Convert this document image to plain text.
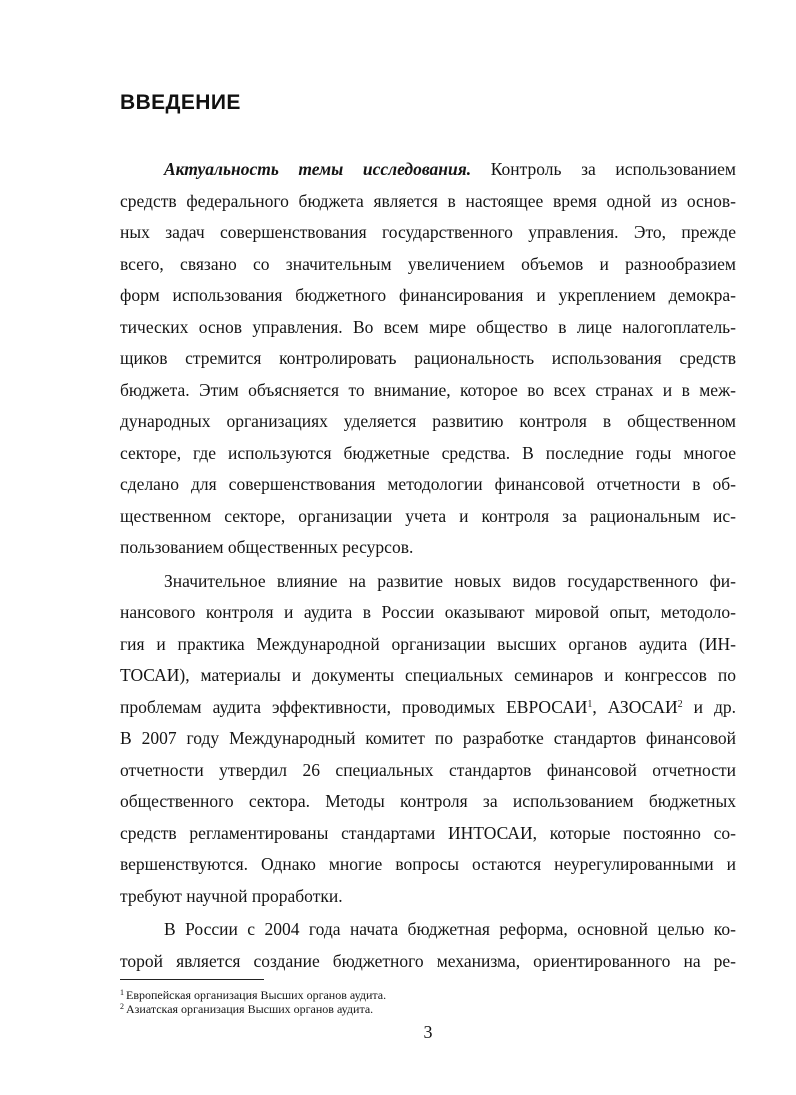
ВВЕДЕНИЕ
Актуальность темы исследования. Контроль за использованием
средств федерального бюджета является в настоящее время одной из основ-
ных задач совершенствования государственного управления. Это, прежде
всего, связано со значительным увеличением объемов и разнообразием
форм использования бюджетного финансирования и укреплением демокра-
тических основ управления. Во всем мире общество в лице налогоплатель-
щиков стремится контролировать рациональность использования средств
бюджета. Этим объясняется то внимание, которое во всех странах и в меж-
дународных организациях уделяется развитию контроля в общественном
секторе, где используются бюджетные средства. В последние годы многое
сделано для совершенствования методологии финансовой отчетности в об-
щественном секторе, организации учета и контроля за рациональным ис-
пользованием общественных ресурсов.
Значительное влияние на развитие новых видов государственного фи-
нансового контроля и аудита в России оказывают мировой опыт, методоло-
гия и практика Международной организации высших органов аудита (ИН-
ТОСАИ), материалы и документы специальных семинаров и конгрессов по
проблемам аудита эффективности, проводимых ЕВРОСАИ$^1$, АЗОСАИ$^2$ и др.
В 2007 году Международный комитет по разработке стандартов финансовой
отчетности утвердил 26 специальных стандартов финансовой отчетности
общественного сектора. Методы контроля за использованием бюджетных
средств регламентированы стандартами ИНТОСАИ, которые постоянно со-
вершенствуются. Однако многие вопросы остаются неурегулированными и
требуют научной проработки.
В России с 2004 года начата бюджетная реформа, основной целью ко-
торой является создание бюджетного механизма, ориентированного на ре-
$^1$ Европейская организация Высших органов аудита.
$^2$ Азиатская организация Высших органов аудита.
3
